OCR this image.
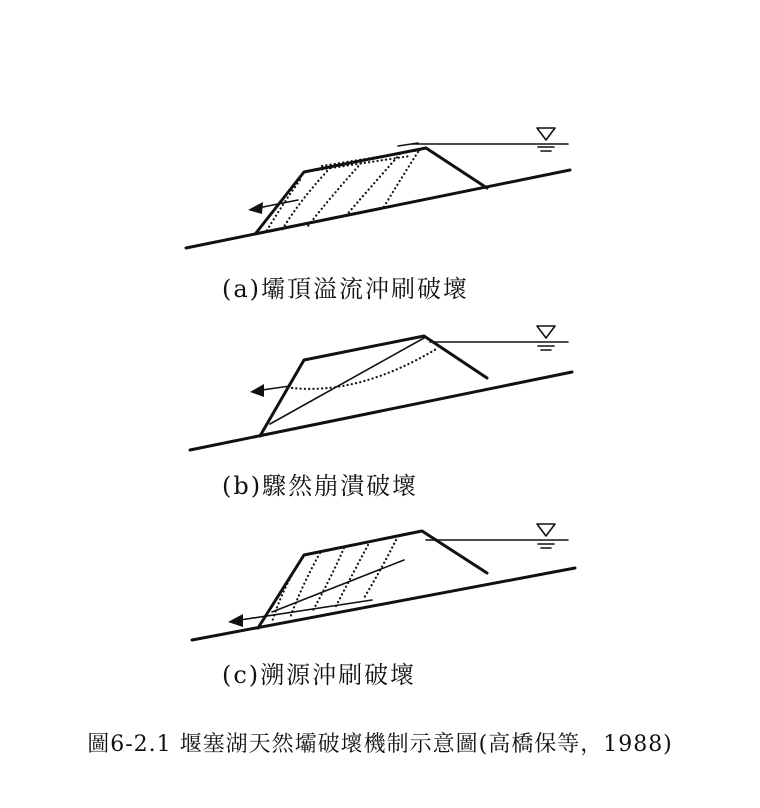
(a)壩頂溢流沖刷破壞
(b)驟然崩潰破壞
(c)溯源沖刷破壞
圖6-2.1 堰塞湖天然壩破壞機制示意圖(高橋保等，1988)
